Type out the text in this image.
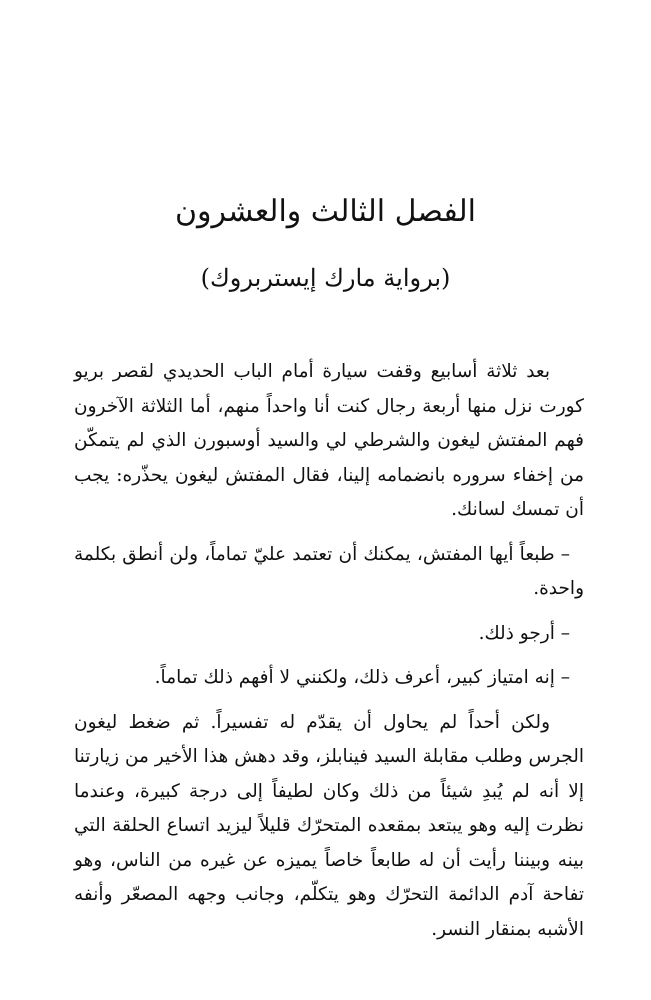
الفصل الثالث والعشرون
(برواية مارك إيستربروك)

بعد ثلاثة أسابيع وقفت سيارة أمام الباب الحديدي لقصر بريو كورت نزل منها أربعة رجال كنت أنا واحداً منهم، أما الثلاثة الآخرون فهم المفتش ليغون والشرطي لي والسيد أوسبورن الذي لم يتمكّن من إخفاء سروره بانضمامه إلينا، فقال المفتش ليغون يحذّره: يجب أن تمسك لسانك.

– طبعاً أيها المفتش، يمكنك أن تعتمد عليّ تماماً، ولن أنطق بكلمة واحدة.

– أرجو ذلك.

– إنه امتياز كبير، أعرف ذلك، ولكنني لا أفهم ذلك تماماً.

ولكن أحداً لم يحاول أن يقدّم له تفسيراً. ثم ضغط ليغون الجرس وطلب مقابلة السيد فينابلز، وقد دهش هذا الأخير من زيارتنا إلا أنه لم يُبدِ شيئاً من ذلك وكان لطيفاً إلى درجة كبيرة، وعندما نظرت إليه وهو يبتعد بمقعده المتحرّك قليلاً ليزيد اتساع الحلقة التي بينه وبيننا رأيت أن له طابعاً خاصاً يميزه عن غيره من الناس، وهو تفاحة آدم الدائمة التحرّك وهو يتكلّم، وجانب وجهه المصعّر وأنفه الأشبه بمنقار النسر.
